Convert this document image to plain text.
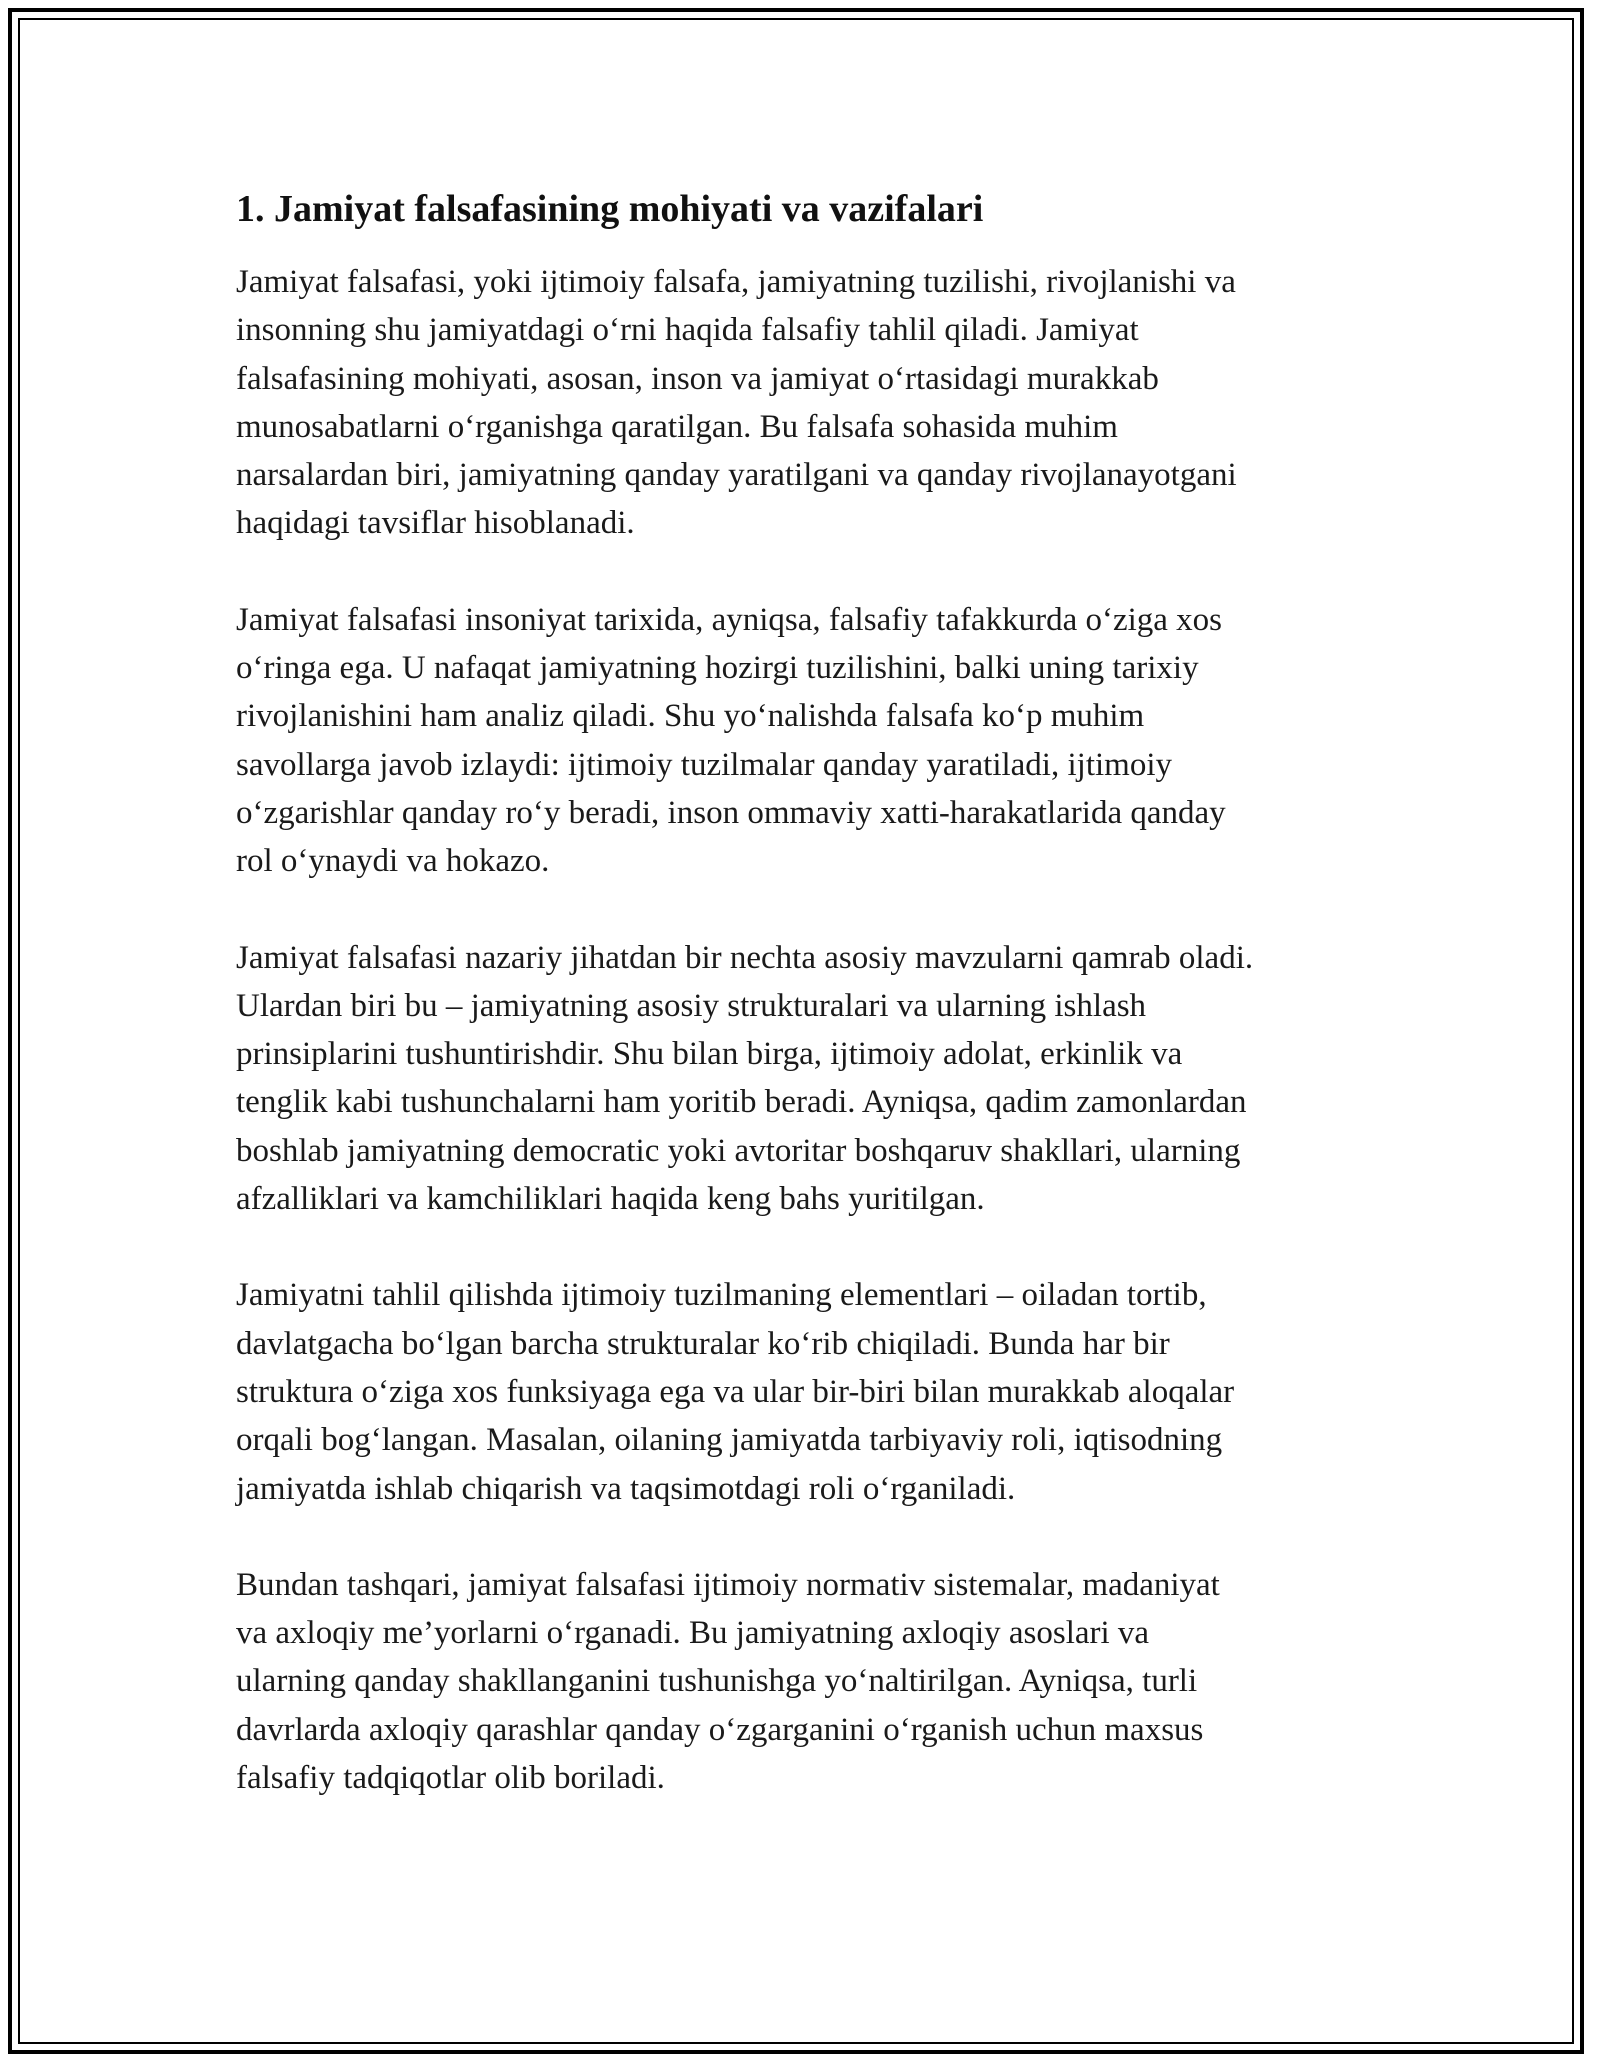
1. Jamiyat falsafasining mohiyati va vazifalari

Jamiyat falsafasi, yoki ijtimoiy falsafa, jamiyatning tuzilishi, rivojlanishi va
insonning shu jamiyatdagi o‘rni haqida falsafiy tahlil qiladi. Jamiyat
falsafasining mohiyati, asosan, inson va jamiyat o‘rtasidagi murakkab
munosabatlarni o‘rganishga qaratilgan. Bu falsafa sohasida muhim
narsalardan biri, jamiyatning qanday yaratilgani va qanday rivojlanayotgani
haqidagi tavsiflar hisoblanadi.

Jamiyat falsafasi insoniyat tarixida, ayniqsa, falsafiy tafakkurda o‘ziga xos
o‘ringa ega. U nafaqat jamiyatning hozirgi tuzilishini, balki uning tarixiy
rivojlanishini ham analiz qiladi. Shu yo‘nalishda falsafa ko‘p muhim
savollarga javob izlaydi: ijtimoiy tuzilmalar qanday yaratiladi, ijtimoiy
o‘zgarishlar qanday ro‘y beradi, inson ommaviy xatti-harakatlarida qanday
rol o‘ynaydi va hokazo.

Jamiyat falsafasi nazariy jihatdan bir nechta asosiy mavzularni qamrab oladi.
Ulardan biri bu – jamiyatning asosiy strukturalari va ularning ishlash
prinsiplarini tushuntirishdir. Shu bilan birga, ijtimoiy adolat, erkinlik va
tenglik kabi tushunchalarni ham yoritib beradi. Ayniqsa, qadim zamonlardan
boshlab jamiyatning democratic yoki avtoritar boshqaruv shakllari, ularning
afzalliklari va kamchiliklari haqida keng bahs yuritilgan.

Jamiyatni tahlil qilishda ijtimoiy tuzilmaning elementlari – oiladan tortib,
davlatgacha bo‘lgan barcha strukturalar ko‘rib chiqiladi. Bunda har bir
struktura o‘ziga xos funksiyaga ega va ular bir-biri bilan murakkab aloqalar
orqali bog‘langan. Masalan, oilaning jamiyatda tarbiyaviy roli, iqtisodning
jamiyatda ishlab chiqarish va taqsimotdagi roli o‘rganiladi.

Bundan tashqari, jamiyat falsafasi ijtimoiy normativ sistemalar, madaniyat
va axloqiy me’yorlarni o‘rganadi. Bu jamiyatning axloqiy asoslari va
ularning qanday shakllanganini tushunishga yo‘naltirilgan. Ayniqsa, turli
davrlarda axloqiy qarashlar qanday o‘zgarganini o‘rganish uchun maxsus
falsafiy tadqiqotlar olib boriladi.
